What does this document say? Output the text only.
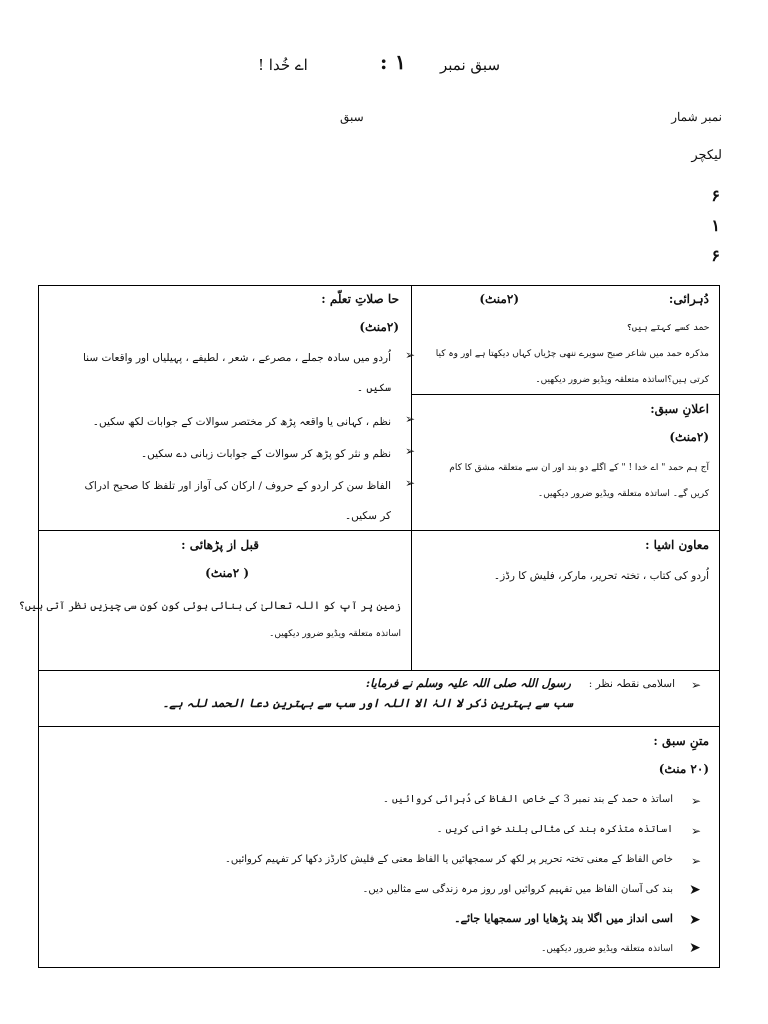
سبق نمبر
۱
:
اے خُدا !
نمبر شمار
سبق
لیکچر
۶
۱
۶
دُہرائی:
(۲منٹ)
حمد کسے کہتے ہیں؟
مذکرہ حمد میں شاعر صبح سویرے ننھی چڑیاں کہاں دیکھتا ہے اور وہ کیا
کرتی ہیں؟اساتذہ متعلقہ ویڈیو ضرور دیکھیں۔
اعلانِ سبق:
(۲منٹ)
آج ہم حمد " اے خدا ! " کے اگلے دو بند اور ان سے متعلقہ مشق کا کام
کریں گے۔ اساتذہ متعلقہ ویڈیو ضرور دیکھیں۔
حا صلاتِ تعلّم :
(۲منٹ)
➢
اُردو میں سادہ جملے ، مصرعے ، شعر ، لطیفے ، پہیلیاں اور واقعات سنا
سکیں ۔
➢
نظم ، کہانی یا واقعہ پڑھ کر مختصر سوالات کے جوابات لکھ سکیں۔
➢
نظم و نثر کو پڑھ کر سوالات کے جوابات زبانی دے سکیں۔
➢
الفاظ سن کر اردو کے حروف / ارکان کی آواز اور تلفظ کا صحیح ادراک
کر سکیں۔
معاون اشیا :
اُردو کی کتاب ، تختہ تحریر، مارکر، فلیش کا رڈز۔
قبل از پڑھائی :
( ۲منٹ)
زمین پر آپ کو اللہ تعالیٰ کی بنائی ہوئی کون کون سی چیزیں نظر آتی ہیں؟
اساتذہ متعلقہ ویڈیو ضرور دیکھیں۔
➢
اسلامی نقطہ نظر :
رسول اللہ صلی اللہ علیہ وسلم نے فرمایا:
سب سے بہترین ذکر لا الہٰ الا اللہ اور سب سے بہترین دعا الحمد للہ ہے۔
متنِ سبق :
(۲۰ منٹ)
➢
اساتذ ہ حمد کے بند نمبر 3 کے خاص الفاظ کی دُہرائی کروائیں ۔
➢
اساتذہ متذکرہ بند کی مثالی بلند خوانی کریں ۔
➢
خاص الفاظ کے معنی تختہ تحریر پر لکھ کر سمجھائیں یا الفاظ معنی کے فلیش کارڈز دکھا کر تفہیم کروائیں۔
➤
بند کی آسان الفاظ میں تفہیم کروائیں اور روز مرہ زندگی سے مثالیں دیں۔
➤
اسی انداز میں اگلا بند پڑھایا اور سمجھایا جائے۔
➤
اساتذہ متعلقہ ویڈیو ضرور دیکھیں۔
